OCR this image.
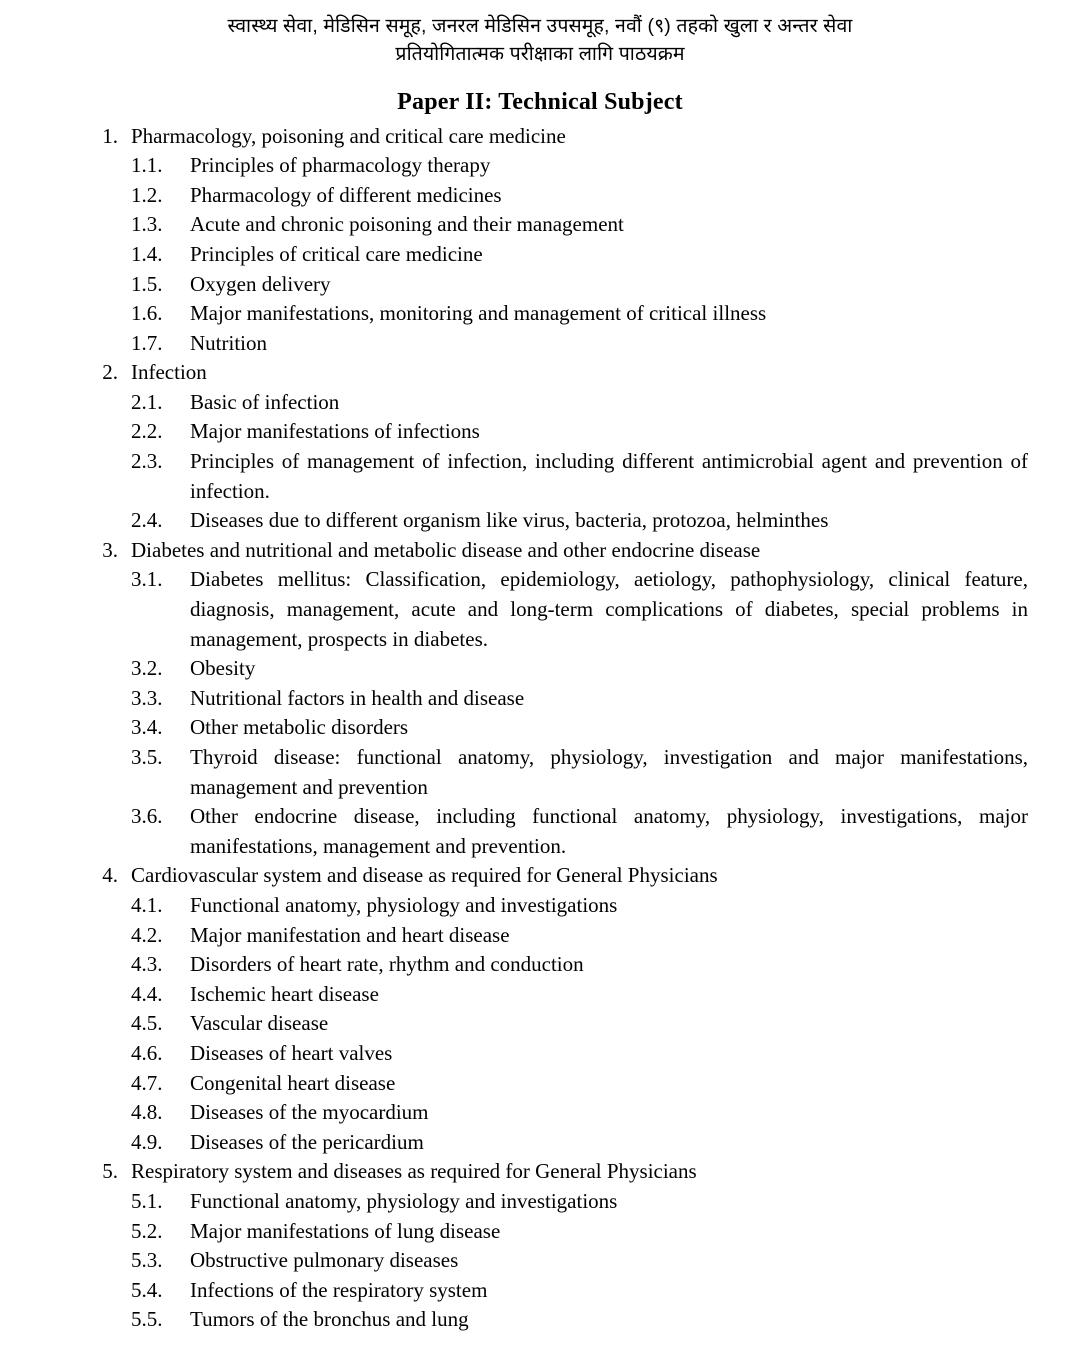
स्वास्थ्य सेवा, मेडिसिन समूह, जनरल मेडिसिन उपसमूह, नवौं (९) तहको खुला र अन्तर सेवा
प्रतियोगितात्मक परीक्षाका लागि पाठयक्रम
Paper II: Technical Subject
1. Pharmacology, poisoning and critical care medicine
1.1.	Principles of pharmacology therapy
1.2.	Pharmacology of different medicines
1.3.	Acute and chronic poisoning and their management
1.4.	Principles of critical care medicine
1.5.	Oxygen delivery
1.6.	Major manifestations, monitoring and management of critical illness
1.7.	Nutrition
2. Infection
2.1.	Basic of infection
2.2.	Major manifestations of infections
2.3.	Principles of management of infection, including different antimicrobial agent and prevention of infection.
2.4.	Diseases due to different organism like virus, bacteria, protozoa, helminthes
3. Diabetes and nutritional and metabolic disease and other endocrine disease
3.1.	Diabetes mellitus: Classification, epidemiology, aetiology, pathophysiology, clinical feature, diagnosis, management, acute and long-term complications of diabetes, special problems in management, prospects in diabetes.
3.2.	Obesity
3.3.	Nutritional factors in health and disease
3.4.	Other metabolic disorders
3.5.	Thyroid disease: functional anatomy, physiology, investigation and major manifestations, management and prevention
3.6.	Other endocrine disease, including functional anatomy, physiology, investigations, major manifestations, management and prevention.
4. Cardiovascular system and disease as required for General Physicians
4.1.	Functional anatomy, physiology and investigations
4.2.	Major manifestation and heart disease
4.3.	Disorders of heart rate, rhythm and conduction
4.4.	Ischemic heart disease
4.5.	Vascular disease
4.6.	Diseases of heart valves
4.7.	Congenital heart disease
4.8.	Diseases of the myocardium
4.9.	Diseases of the pericardium
5. Respiratory system and diseases as required for General Physicians
5.1.	Functional anatomy, physiology and investigations
5.2.	Major manifestations of lung disease
5.3.	Obstructive pulmonary diseases
5.4.	Infections of the respiratory system
5.5.	Tumors of the bronchus and lung
